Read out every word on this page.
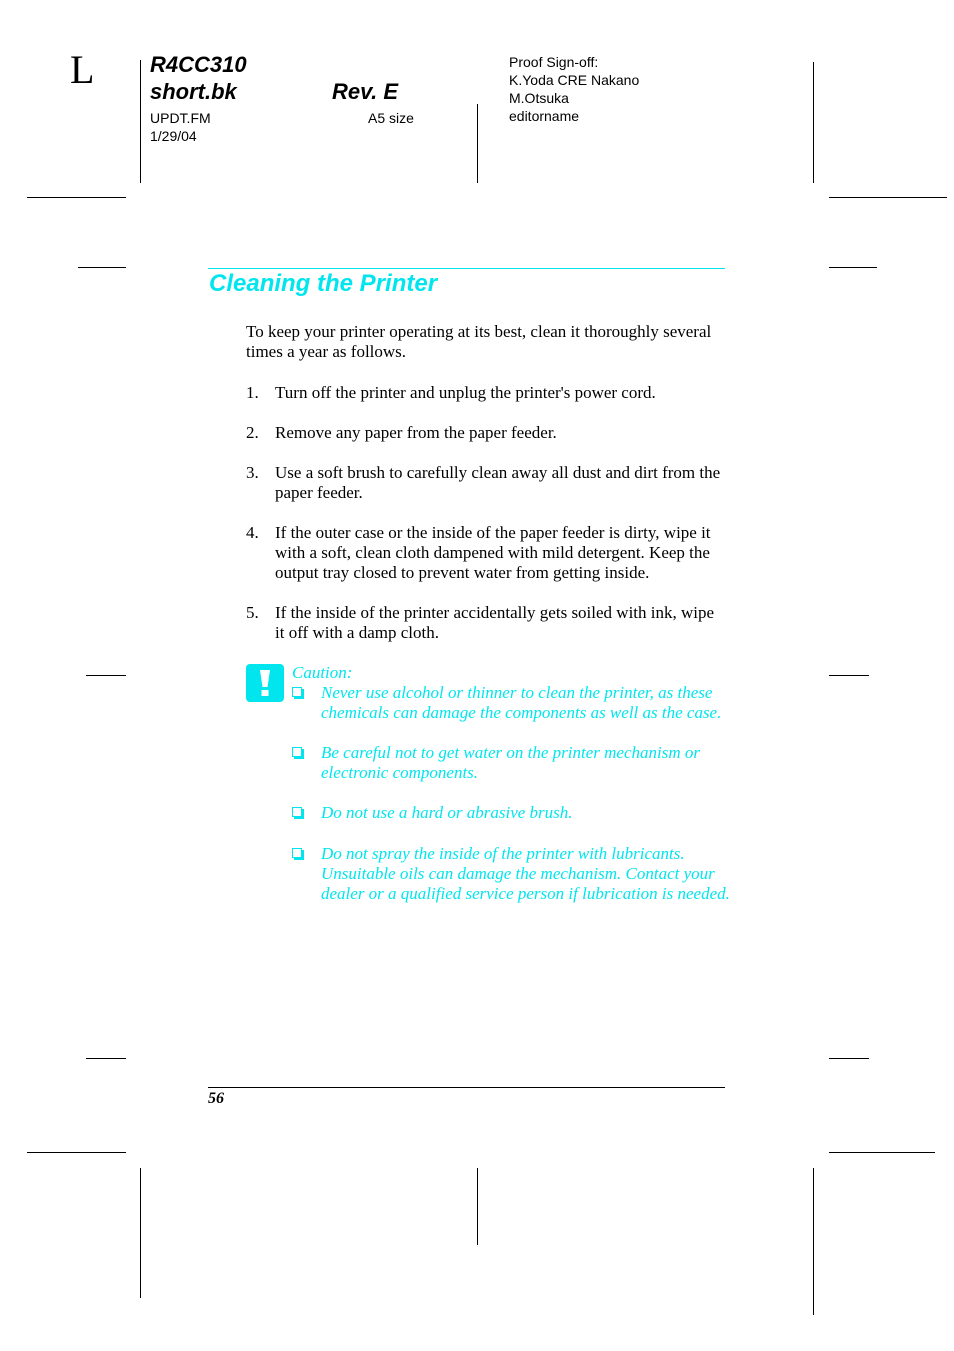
L	R4CC310
short.bk	Rev. E
UPDT.FM
1/29/04
A5 size
Proof Sign-off:
K.Yoda CRE Nakano
M.Otsuka
editorname
Cleaning the Printer
To keep your printer operating at its best, clean it thoroughly several times a year as follows.
1. Turn off the printer and unplug the printer's power cord.
2. Remove any paper from the paper feeder.
3. Use a soft brush to carefully clean away all dust and dirt from the paper feeder.
4. If the outer case or the inside of the paper feeder is dirty, wipe it with a soft, clean cloth dampened with mild detergent. Keep the output tray closed to prevent water from getting inside.
5. If the inside of the printer accidentally gets soiled with ink, wipe it off with a damp cloth.
Caution:
Never use alcohol or thinner to clean the printer, as these chemicals can damage the components as well as the case.
Be careful not to get water on the printer mechanism or electronic components.
Do not use a hard or abrasive brush.
Do not spray the inside of the printer with lubricants. Unsuitable oils can damage the mechanism. Contact your dealer or a qualified service person if lubrication is needed.
56
